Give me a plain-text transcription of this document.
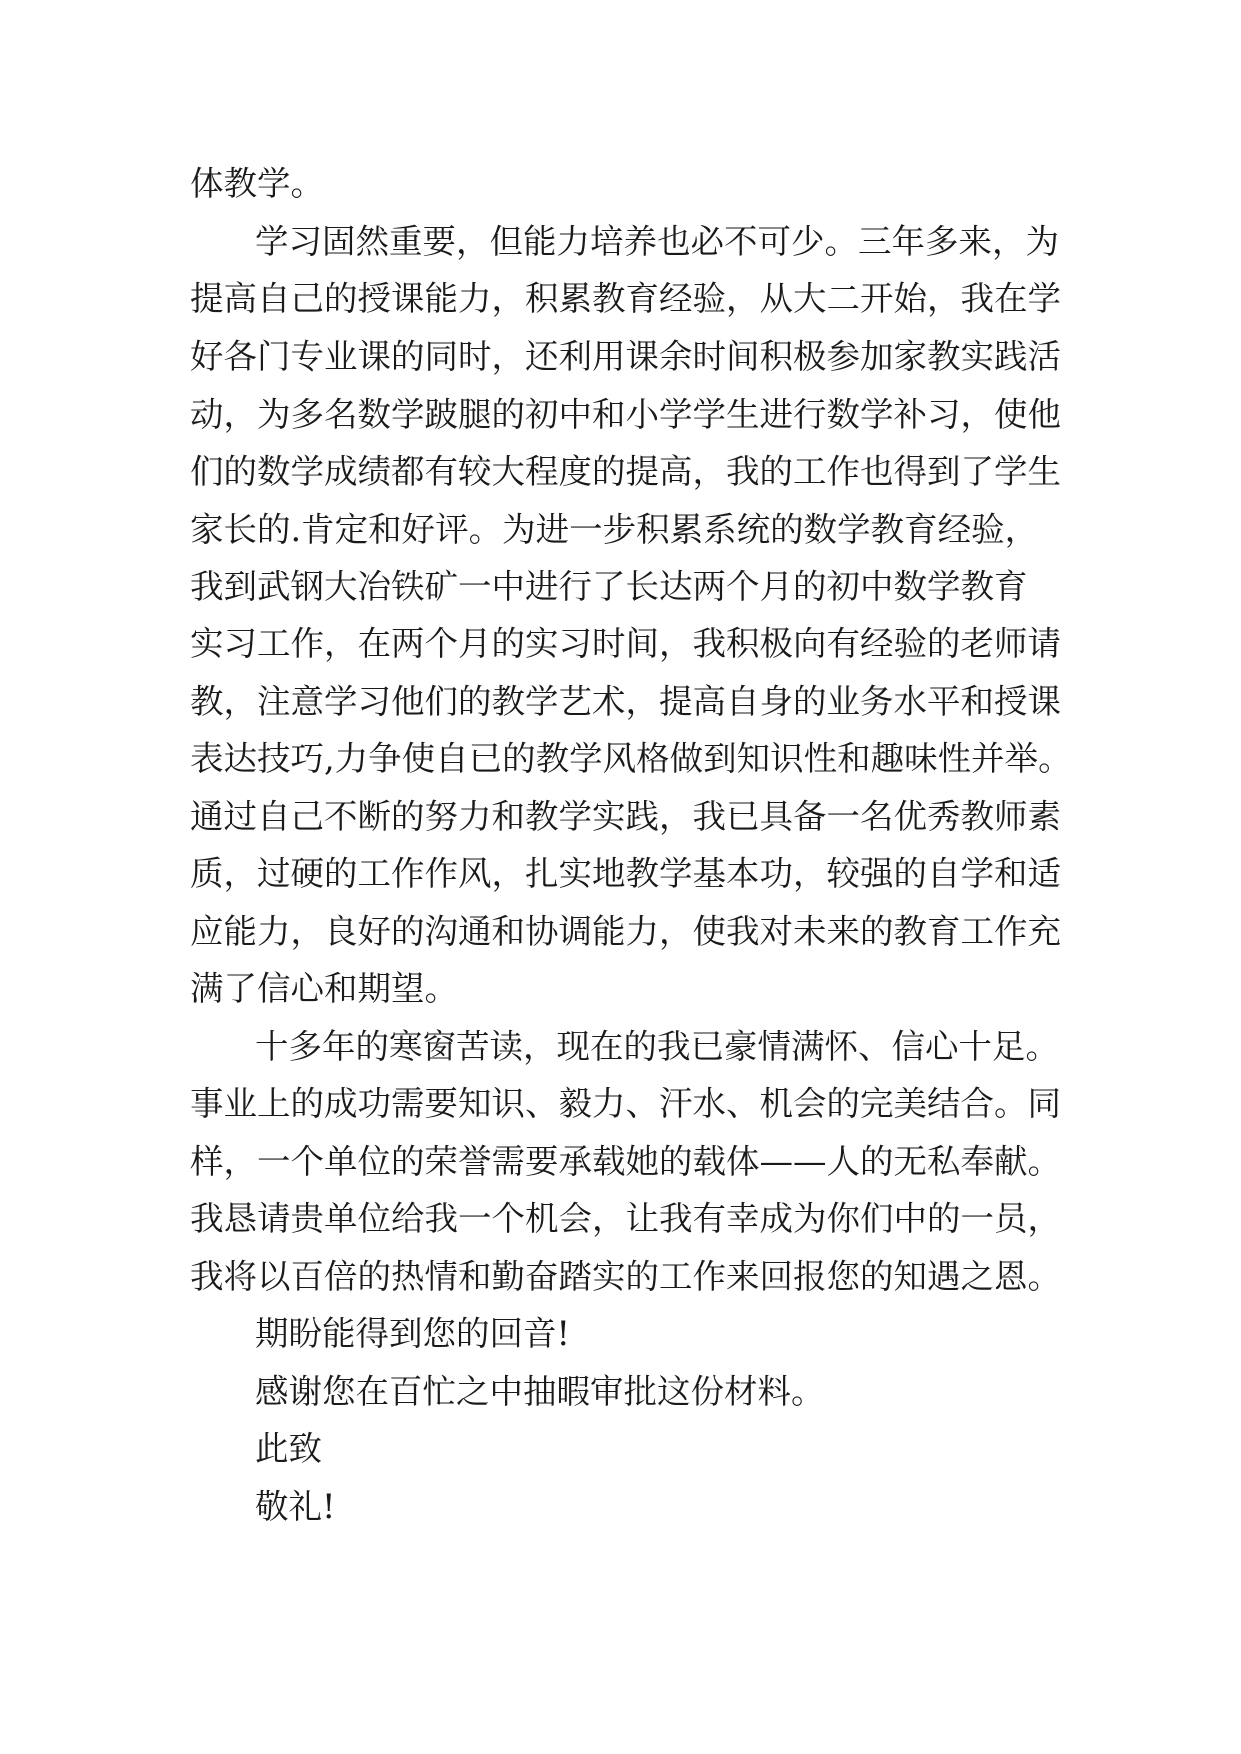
体教学。

学习固然重要，但能力培养也必不可少。三年多来，为

提高自己的授课能力，积累教育经验，从大二开始，我在学

好各门专业课的同时，还利用课余时间积极参加家教实践活

动，为多名数学跛腿的初中和小学学生进行数学补习，使他

们的数学成绩都有较大程度的提高，我的工作也得到了学生

家长的.肯定和好评。为进一步积累系统的数学教育经验，

我到武钢大冶铁矿一中进行了长达两个月的初中数学教育

实习工作，在两个月的实习时间，我积极向有经验的老师请

教，注意学习他们的教学艺术，提高自身的业务水平和授课

表达技巧,力争使自已的教学风格做到知识性和趣味性并举。

通过自己不断的努力和教学实践，我已具备一名优秀教师素

质，过硬的工作作风，扎实地教学基本功，较强的自学和适

应能力，良好的沟通和协调能力，使我对未来的教育工作充

满了信心和期望。

十多年的寒窗苦读，现在的我已豪情满怀、信心十足。

事业上的成功需要知识、毅力、汗水、机会的完美结合。同

样，一个单位的荣誉需要承载她的载体——人的无私奉献。

我恳请贵单位给我一个机会，让我有幸成为你们中的一员，

我将以百倍的热情和勤奋踏实的工作来回报您的知遇之恩。

期盼能得到您的回音!

感谢您在百忙之中抽暇审批这份材料。

此致

敬礼!
